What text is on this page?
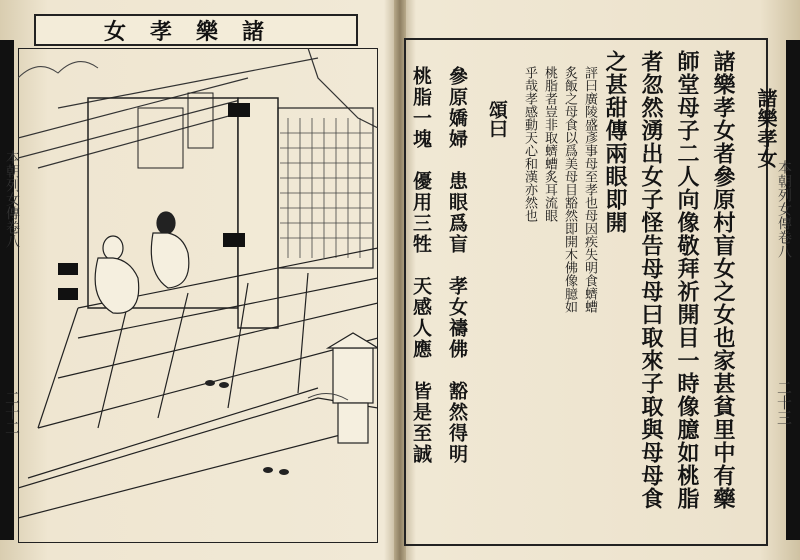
諸樂孝女
本朝列女傳卷八
二十二
諸樂孝女
諸樂孝女者參原村盲女之女也家甚貧里中有藥
師堂母子二人向像敬拜祈開目一時像臆如桃脂
者忽然湧出女子怪告母母曰取來子取與母母食
之甚甜傳兩眼即開
評曰廣陵盛彥事母至孝也母因疾失明食蠐螬
炙飯之母食以爲美母目豁然即開木佛像臆如
桃脂者豈非取蠐螬炙耳流眼
乎哉孝感動天心和漢亦然也
頌曰
參原嬌婦　患眼爲盲　孝女禱佛　豁然得明
桃脂一塊　優用三牲　天感人應　皆是至誠	本朝列女傳卷八
二十三
